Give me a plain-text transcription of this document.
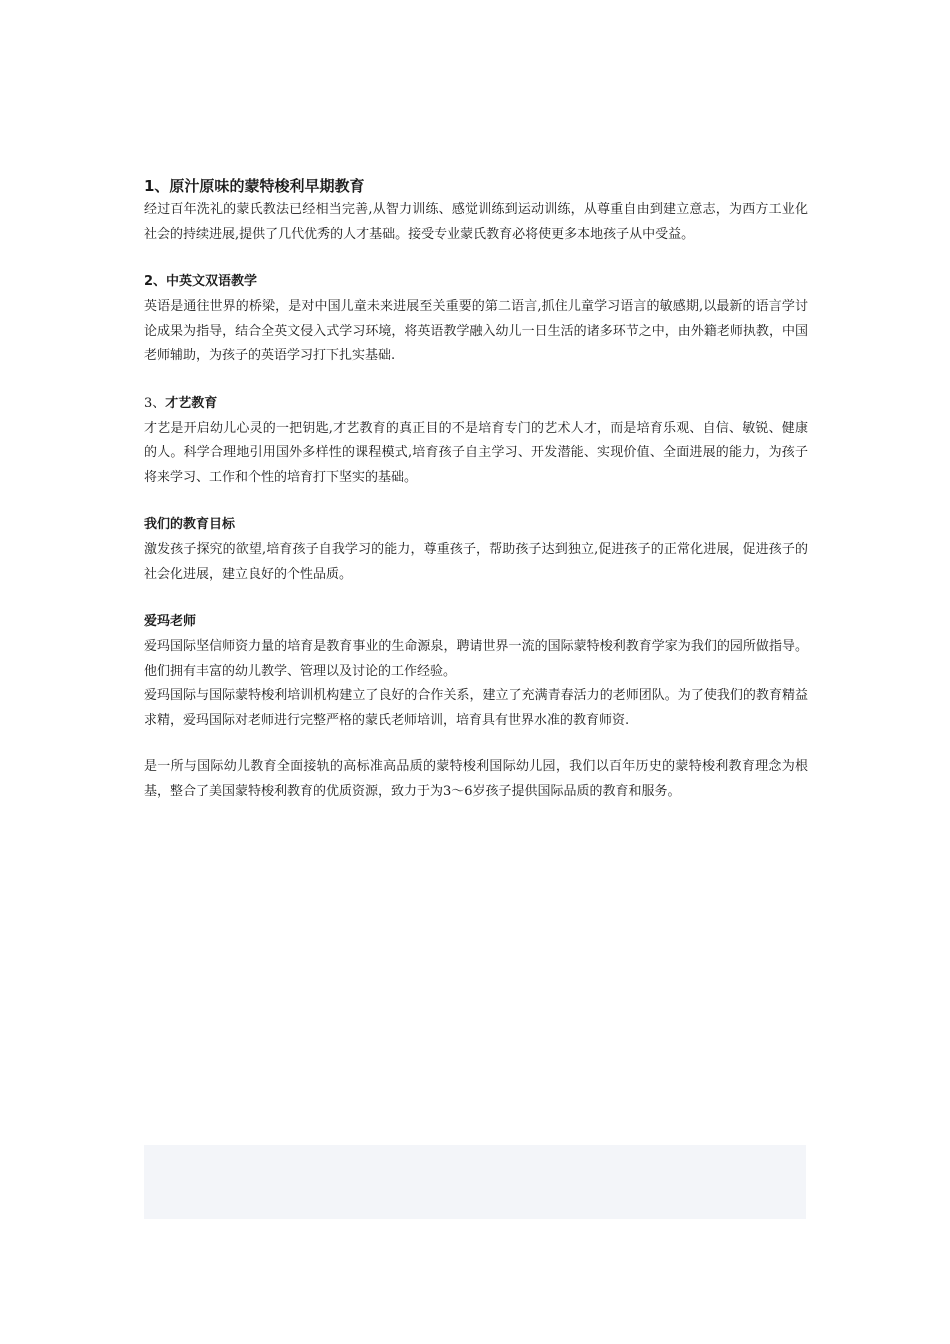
1、原汁原味的蒙特梭利早期教育

经过百年洗礼的蒙氏教法已经相当完善,从智力训练、感觉训练到运动训练，从尊重自由到建立意志，为西方工业化社会的持续进展,提供了几代优秀的人才基础。接受专业蒙氏教育必将使更多本地孩子从中受益。

2、中英文双语教学

英语是通往世界的桥梁，是对中国儿童未来进展至关重要的第二语言,抓住儿童学习语言的敏感期,以最新的语言学讨论成果为指导，结合全英文侵入式学习环境，将英语教学融入幼儿一日生活的诸多环节之中，由外籍老师执教，中国老师辅助，为孩子的英语学习打下扎实基础.

3、才艺教育

才艺是开启幼儿心灵的一把钥匙,才艺教育的真正目的不是培育专门的艺术人才，而是培育乐观、自信、敏锐、健康的人。科学合理地引用国外多样性的课程模式,培育孩子自主学习、开发潜能、实现价值、全面进展的能力，为孩子将来学习、工作和个性的培育打下坚实的基础。

我们的教育目标

激发孩子探究的欲望,培育孩子自我学习的能力，尊重孩子，帮助孩子达到独立,促进孩子的正常化进展，促进孩子的社会化进展，建立良好的个性品质。

爱玛老师

爱玛国际坚信师资力量的培育是教育事业的生命源泉，聘请世界一流的国际蒙特梭利教育学家为我们的园所做指导。他们拥有丰富的幼儿教学、管理以及讨论的工作经验。

爱玛国际与国际蒙特梭利培训机构建立了良好的合作关系，建立了充满青春活力的老师团队。为了使我们的教育精益求精，爱玛国际对老师进行完整严格的蒙氏老师培训，培育具有世界水准的教育师资.

是一所与国际幼儿教育全面接轨的高标准高品质的蒙特梭利国际幼儿园，我们以百年历史的蒙特梭利教育理念为根基，整合了美国蒙特梭利教育的优质资源，致力于为3～6岁孩子提供国际品质的教育和服务。
